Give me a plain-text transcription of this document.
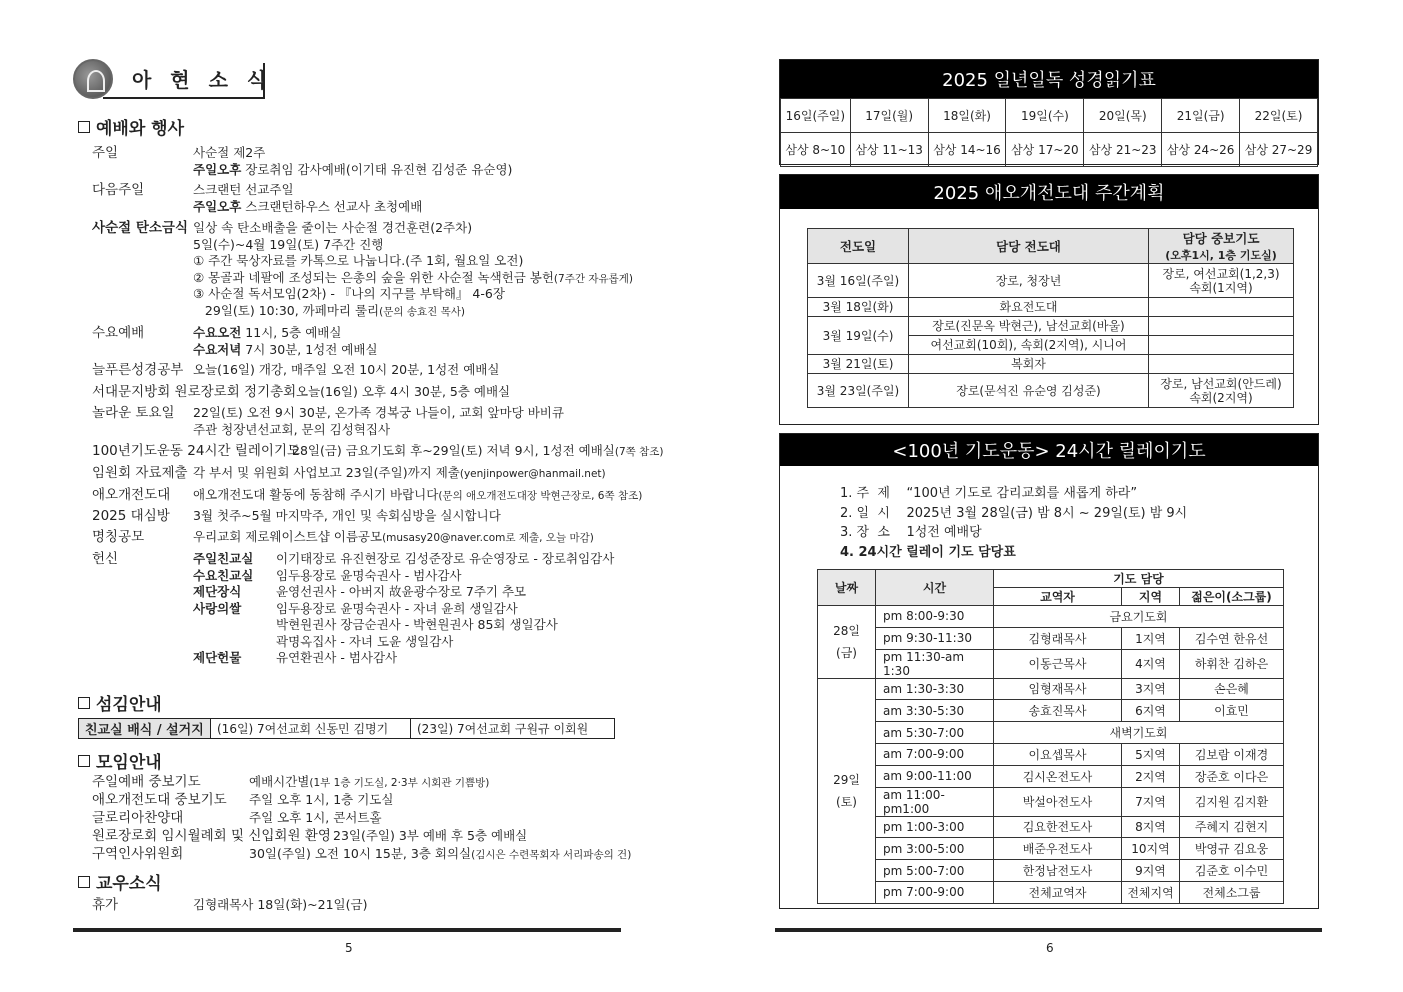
아 현 소 식
예배와 행사
주일	사순절 제2주
주일오후 장로취임 감사예배(이기태 유진현 김성준 유순영)
다음주일	스크랜턴 선교주일
주일오후 스크랜턴하우스 선교사 초청예배
사순절 탄소금식 일상 속 탄소배출을 줄이는 사순절 경건훈련(2주차)
5일(수)~4월 19일(토) 7주간 진행
① 주간 묵상자료를 카톡으로 나눕니다.(주 1회, 월요일 오전)
② 몽골과 네팔에 조성되는 은총의 숲을 위한 사순절 녹색헌금 봉헌(7주간 자유롭게)
③ 사순절 독서모임(2차) - 『나의 지구를 부탁해』 4-6장
29일(토) 10:30, 까페마리 룰리(문의 송효진 목사)
수요예배	수요오전 11시, 5층 예배실
수요저녁 7시 30분, 1성전 예배실
늘푸른성경공부 오늘(16일) 개강, 매주일 오전 10시 20분, 1성전 예배실
서대문지방회 원로장로회 정기총회 오늘(16일) 오후 4시 30분, 5층 예배실
놀라운 토요일 22일(토) 오전 9시 30분, 온가족 경복궁 나들이, 교회 앞마당 바비큐
주관 청장년선교회, 문의 김성혁집사
100년기도운동 24시간 릴레이기도
28일(금) 금요기도회 후~29일(토) 저녁 9시, 1성전 예배실(7쪽 참조)
임원회 자료제출 각 부서 및 위원회 사업보고 23일(주일)까지 제출(yenjinpower@hanmail.net)
애오개전도대 애오개전도대 활동에 동참해 주시기 바랍니다(문의 애오개전도대장 박현근장로, 6쪽 참조)
2025 대심방 3월 첫주~5월 마지막주, 개인 및 속회심방을 실시합니다
명칭공모	우리교회 제로웨이스트샵 이름공모(musasy20@naver.com로 제출, 오늘 마감)
헌신	주일친교실 이기태장로 유진현장로 김성준장로 유순영장로 - 장로취임감사
수요친교실 임두용장로 윤명숙권사 - 범사감사
제단장식	윤영선권사 - 아버지 故윤광수장로 7주기 추모
사랑의쌀	임두용장로 윤명숙권사 - 자녀 윤희 생일감사
박현원권사 장금순권사 - 박현원권사 85회 생일감사
곽명옥집사 - 자녀 도윤 생일감사
제단헌물	유연환권사 - 범사감사
섬김안내
친교실 배식 / 설거지	(16일) 7여선교회 신동민 김명기	(23일) 7여선교회 구원규 이회원
모임안내
주일예배 중보기도	예배시간별(1부 1층 기도실, 2·3부 시회관 기쁨방)
애오개전도대 중보기도 주일 오후 1시, 1층 기도실
글로리아찬양대	주일 오후 1시, 콘서트홀
원로장로회 임시월례회 및 신입회원 환영 23일(주일) 3부 예배 후 5층 예배실
구역인사위원회	30일(주일) 오전 10시 15분, 3층 회의실(김시은 수련목회자 서리파송의 건)
교우소식
휴가	김형래목사 18일(화)~21일(금)
5
2025 일년일독 성경읽기표
16일(주일)	17일(월)	18일(화)	19일(수)	20일(목)	21일(금)	22일(토)
삼상 8~10	삼상 11~13	삼상 14~16	삼상 17~20	삼상 21~23	삼상 24~26	삼상 27~29
2025 애오개전도대 주간계획
전도일	담당 전도대	담당 중보기도
(오후1시, 1층 기도실)
3월 16일(주일)	장로, 청장년	장로, 여선교회(1,2,3)
속회(1지역)
3월 18일(화)	화요전도대	
3월 19일(수)	장로(진문옥 박현근), 남선교회(바울)	
	여선교회(10회), 속회(2지역), 시니어	
3월 21일(토)	복회자	
3월 23일(주일)	장로(문석진 유순영 김성준)	장로, 남선교회(안드레)
속회(2지역)
<100년 기도운동> 24시간 릴레이기도
1. 주  제    “100년 기도로 감리교회를 새롭게 하라”
2. 일  시    2025년 3월 28일(금) 밤 8시 ~ 29일(토) 밤 9시
3. 장  소    1성전 예배당
4. 24시간 릴레이 기도 담당표
날짜	시간	기도 담당		
		교역자	지역	젊은이(소그룹)
28일
(금)	pm 8:00-9:30	금요기도회		
	pm 9:30-11:30	김형래목사	1지역	김수연 한유선
	pm 11:30-am 1:30	이동근목사	4지역	하휘찬 김하은
29일
(토)	am 1:30-3:30	임형재목사	3지역	손은혜
	am 3:30-5:30	송효진목사	6지역	이효민
	am 5:30-7:00	새벽기도회		
	am 7:00-9:00	이요셉목사	5지역	김보람 이재경
	am 9:00-11:00	김시온전도사	2지역	장준호 이다은
	am 11:00-pm1:00	박설아전도사	7지역	김지원 김지환
	pm 1:00-3:00	김요한전도사	8지역	주혜지 김현지
	pm 3:00-5:00	배준우전도사	10지역	박영규 김요웅
	pm 5:00-7:00	한정남전도사	9지역	김준호 이수민
	pm 7:00-9:00	전체교역자	전체지역	전체소그룹
6
